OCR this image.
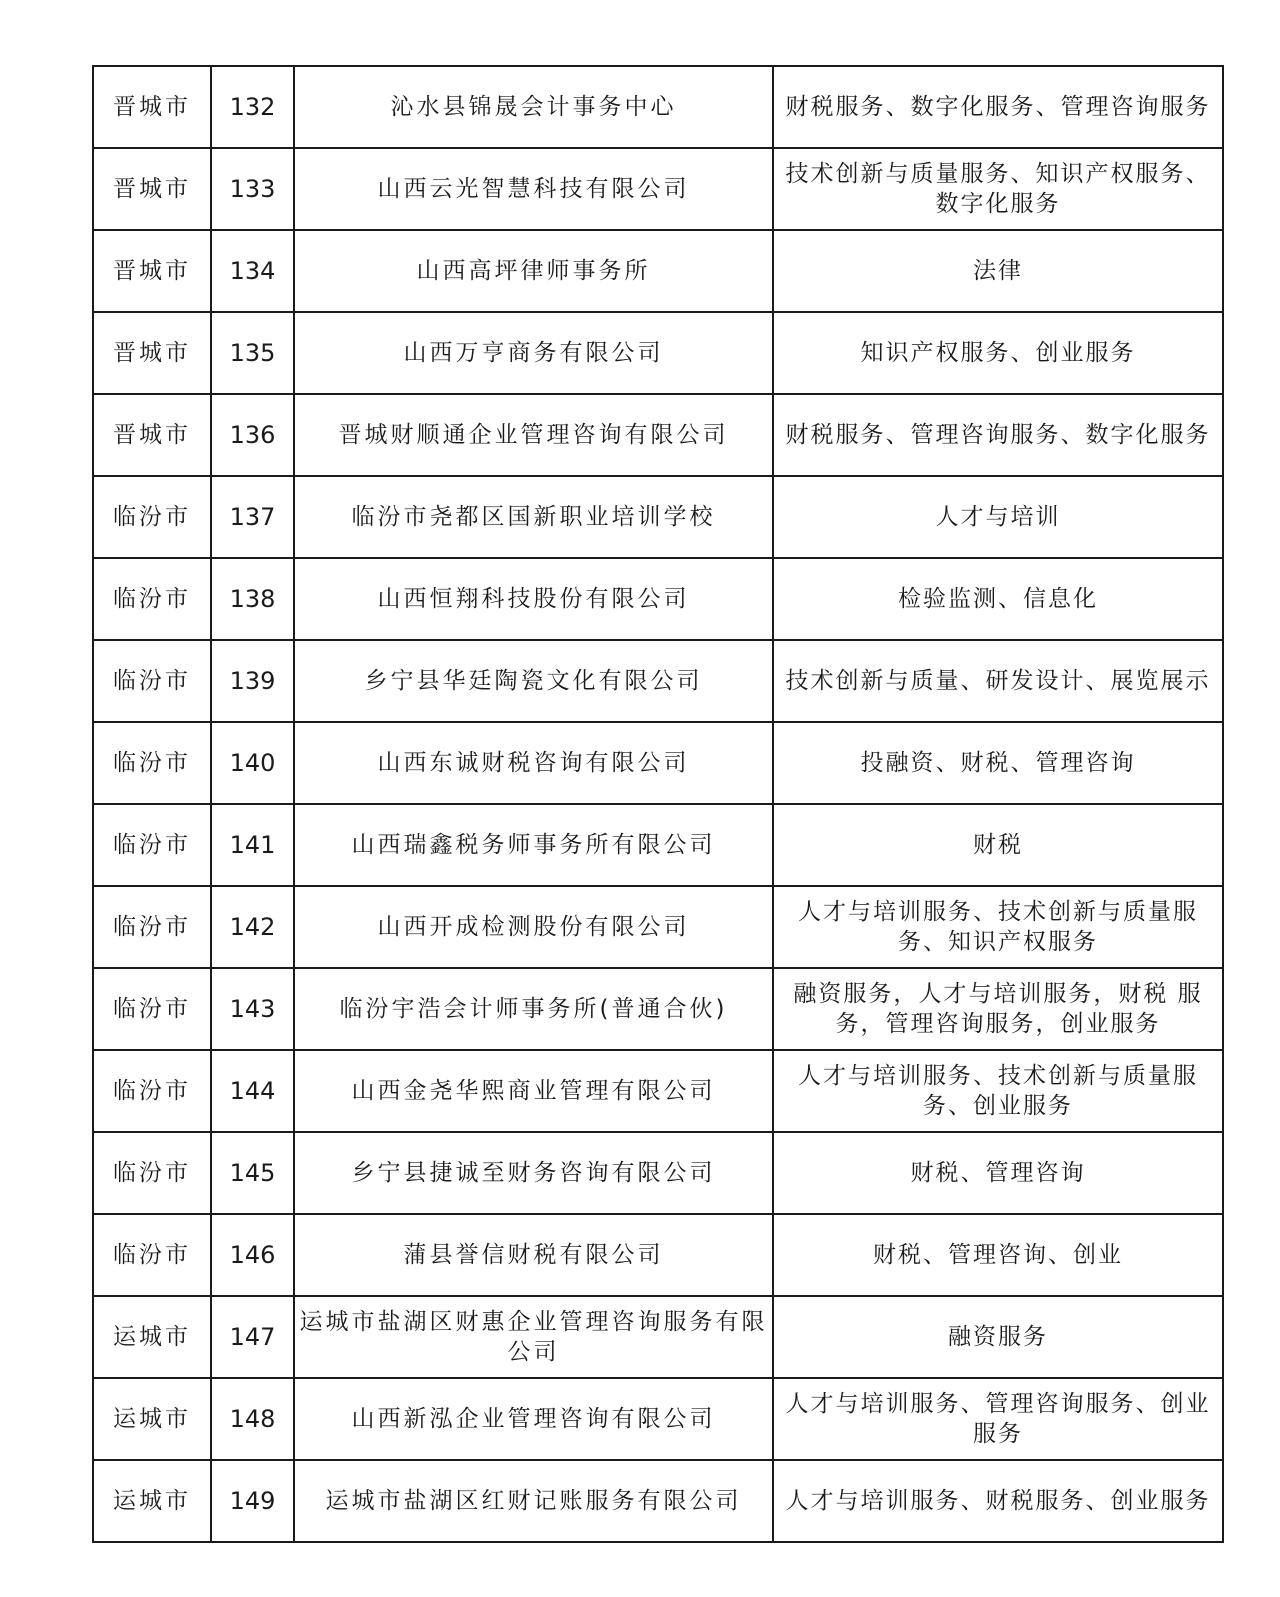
晋城市	132	沁水县锦晟会计事务中心	财税服务、数字化服务、管理咨询服务
晋城市	133	山西云光智慧科技有限公司	技术创新与质量服务、知识产权服务、数字化服务
晋城市	134	山西高坪律师事务所	法律
晋城市	135	山西万亨商务有限公司	知识产权服务、创业服务
晋城市	136	晋城财顺通企业管理咨询有限公司	财税服务、管理咨询服务、数字化服务
临汾市	137	临汾市尧都区国新职业培训学校	人才与培训
临汾市	138	山西恒翔科技股份有限公司	检验监测、信息化
临汾市	139	乡宁县华廷陶瓷文化有限公司	技术创新与质量、研发设计、展览展示
临汾市	140	山西东诚财税咨询有限公司	投融资、财税、管理咨询
临汾市	141	山西瑞鑫税务师事务所有限公司	财税
临汾市	142	山西开成检测股份有限公司	人才与培训服务、技术创新与质量服务、知识产权服务
临汾市	143	临汾宇浩会计师事务所(普通合伙)	融资服务，人才与培训服务，财税 服务，管理咨询服务，创业服务
临汾市	144	山西金尧华熙商业管理有限公司	人才与培训服务、技术创新与质量服务、创业服务
临汾市	145	乡宁县捷诚至财务咨询有限公司	财税、管理咨询
临汾市	146	蒲县誉信财税有限公司	财税、管理咨询、创业
运城市	147	运城市盐湖区财惠企业管理咨询服务有限公司	融资服务
运城市	148	山西新泓企业管理咨询有限公司	人才与培训服务、管理咨询服务、创业服务
运城市	149	运城市盐湖区红财记账服务有限公司	人才与培训服务、财税服务、创业服务
